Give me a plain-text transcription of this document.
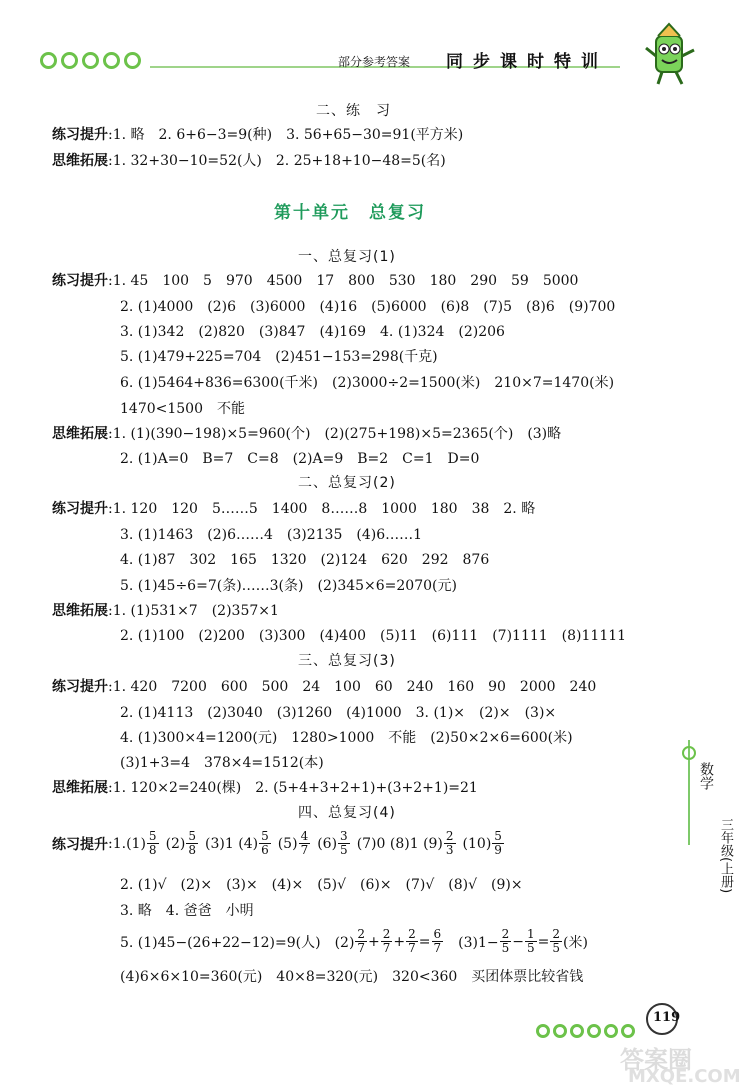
部分参考答案 同步课时特训
二、练　习
练习提升:1. 略　2. 6+6−3=9(种)　3. 56+65−30=91(平方米)
思维拓展:1. 32+30−10=52(人)　2. 25+18+10−48=5(名)
第十单元　总复习
一、总复习(1)
练习提升:1. 45　100　5　970　4500　17　800　530　180　290　59　5000
2. (1)4000　(2)6　(3)6000　(4)16　(5)6000　(6)8　(7)5　(8)6　(9)700
3. (1)342　(2)820　(3)847　(4)169　4. (1)324　(2)206
5. (1)479+225=704　(2)451−153=298(千克)
6. (1)5464+836=6300(千米)　(2)3000÷2=1500(米)　210×7=1470(米)
1470<1500　不能
思维拓展:1. (1)(390−198)×5=960(个)　(2)(275+198)×5=2365(个)　(3)略
2. (1)A=0　B=7　C=8　(2)A=9　B=2　C=1　D=0
二、总复习(2)
练习提升:1. 120　120　5……5　1400　8……8　1000　180　38　2. 略
3. (1)1463　(2)6……4　(3)2135　(4)6……1
4. (1)87　302　165　1320　(2)124　620　292　876
5. (1)45÷6=7(条)……3(条)　(2)345×6=2070(元)
思维拓展:1. (1)531×7　(2)357×1
2. (1)100　(2)200　(3)300　(4)400　(5)11　(6)111　(7)1111　(8)11111
三、总复习(3)
练习提升:1. 420　7200　600　500　24　100　60　240　160　90　2000　240
2. (1)4113　(2)3040　(3)1260　(4)1000　3. (1)×　(2)×　(3)×
4. (1)300×4=1200(元)　1280>1000　不能　(2)50×2×6=600(米)
(3)1+3=4　378×4=1512(本)
思维拓展:1. 120×2=240(棵)　2. (5+4+3+2+1)+(3+2+1)=21
四、总复习(4)
练习提升 :1. $(1) \frac{5}{8} (2) \frac{5}{8} (3)1$ $(4) \frac{5}{6} (5) \frac{4}{7} (6) \frac{3}{5} (7)0$ (8)1 $(9) \frac{2}{3} (10) \frac{5}{9}$
2. (1)√　(2)×　(3)×　(4)×　(5)√　(6)×　(7)√　(8)√　(9)×
3. 略　4. 爸爸　小明
5. (1)45−(26+22−12)=9(人)　$(2) \frac{2}{7} + \frac{2}{7} + \frac{2}{7} = \frac{6}{7}$ 　$(3)1- \frac{2}{5} - \frac{1}{5} = \frac{2}{5}$ (米)
(4)6×6×10=360(元)　40×8=320(元)　320<360　买团体票比较省钱
数学
三年级(上册)
119
答案圈
MXQE.COM
